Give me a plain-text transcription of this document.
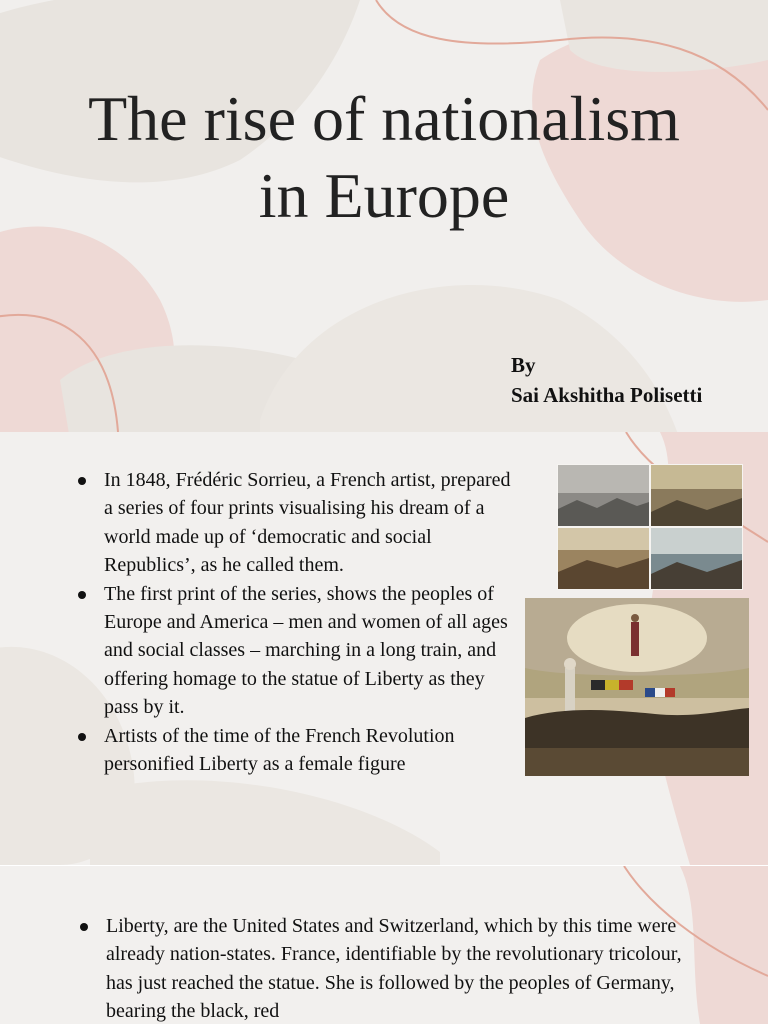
The rise of nationalism in Europe
By
Sai Akshitha Polisetti
In 1848, Frédéric Sorrieu, a French artist, prepared a series of four prints visualising his dream of a world made up of ‘democratic and social Republics’, as he called them.
The first print of the series, shows the peoples of Europe and America – men and women of all ages and social classes – marching in a long train, and offering homage to the statue of Liberty as they pass by it.
Artists of the time of the French Revolution personified Liberty as a female figure
Liberty, are the United States and Switzerland, which by this time were already nation-states. France, identifiable by the revolutionary tricolour, has just reached the statue. She is followed by the peoples of Germany, bearing the black, red
